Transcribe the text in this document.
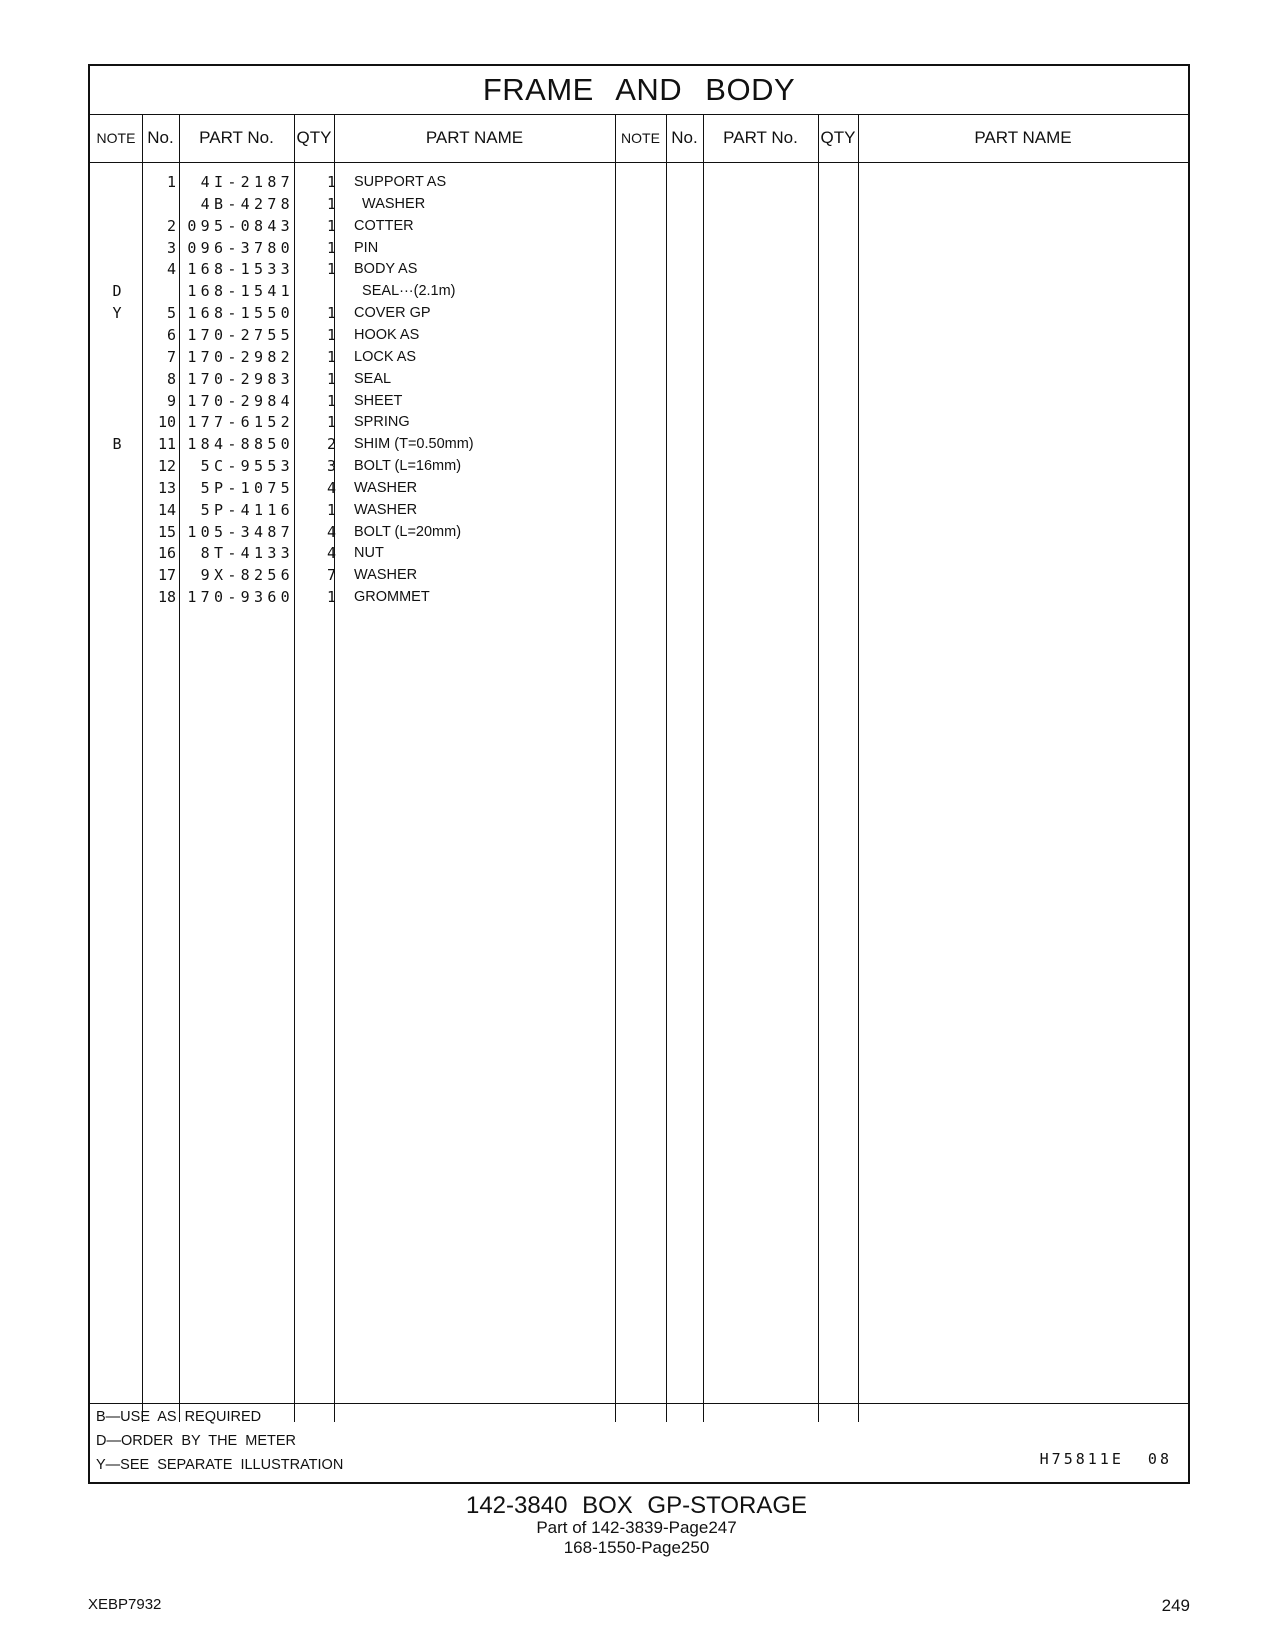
FRAME AND BODY
NOTE No.	PART No.	QTY	PART NAME	NOTE No.	PART No.	QTY	PART NAME
1	4I-2187	1 SUPPORT AS
4B-4278	1 WASHER
2 095-0843	1 COTTER
3 096-3780	1 PIN
4 168-1533	1 BODY AS
D	168-1541	SEAL···(2.1m)
Y	5 168-1550	1 COVER GP
6 170-2755	1 HOOK AS
7 170-2982	1 LOCK AS
8 170-2983	1 SEAL
9 170-2984	1 SHEET
10 177-6152	1 SPRING
B	11 184-8850	2 SHIM (T=0.50mm)
12	5C-9553	3 BOLT (L=16mm)
13	5P-1075	4 WASHER
14	5P-4116	1 WASHER
15 105-3487	4 BOLT (L=20mm)
16	8T-4133	4 NUT
17	9X-8256	7 WASHER
18 170-9360	1 GROMMET
B—USE AS REQUIRED
D—ORDER BY THE METER
Y—SEE SEPARATE ILLUSTRATION	H75811E  08
142-3840 BOX GP-STORAGE
Part of 142-3839-Page247
168-1550-Page250
XEBP7932	249
